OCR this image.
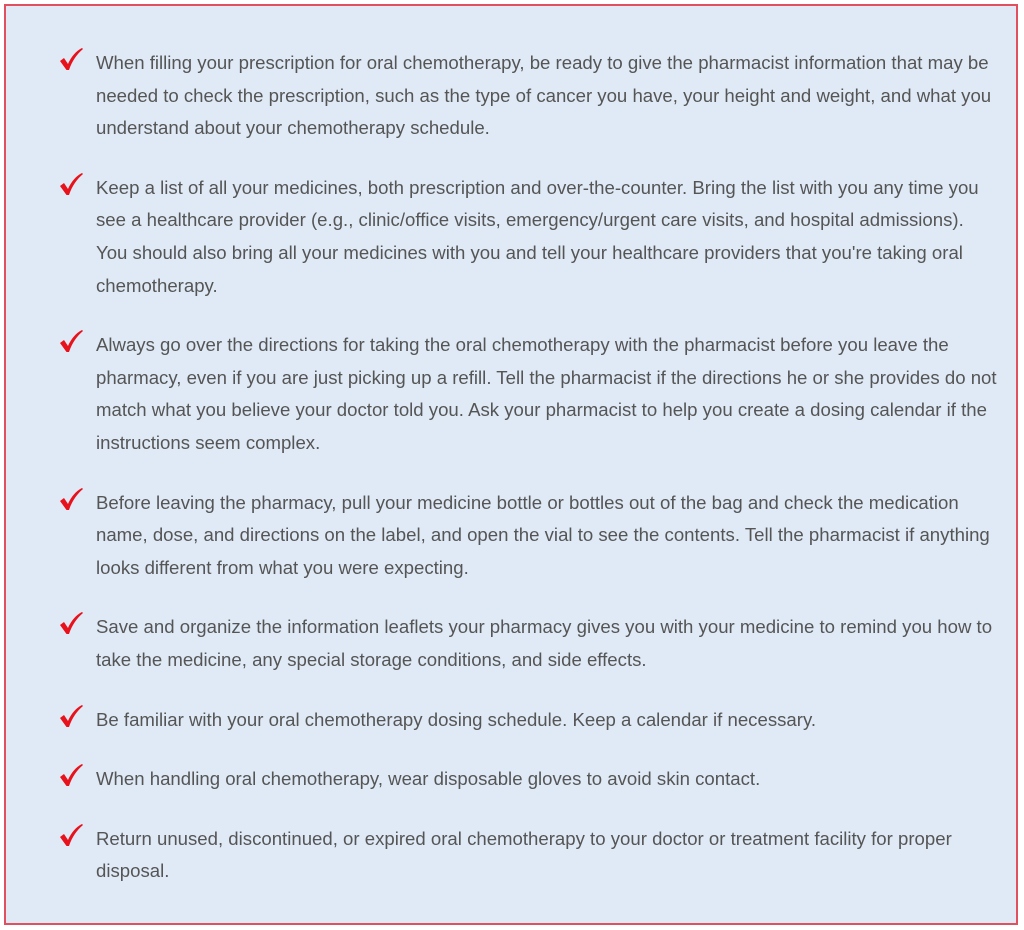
When filling your prescription for oral chemotherapy, be ready to give the pharmacist information that may be needed to check the prescription, such as the type of cancer you have, your height and weight, and what you understand about your chemotherapy schedule.
Keep a list of all your medicines, both prescription and over-the-counter. Bring the list with you any time you see a healthcare provider (e.g., clinic/office visits, emergency/urgent care visits, and hospital admissions). You should also bring all your medicines with you and tell your healthcare providers that you're taking oral chemotherapy.
Always go over the directions for taking the oral chemotherapy with the pharmacist before you leave the pharmacy, even if you are just picking up a refill. Tell the pharmacist if the directions he or she provides do not match what you believe your doctor told you. Ask your pharmacist to help you create a dosing calendar if the instructions seem complex.
Before leaving the pharmacy, pull your medicine bottle or bottles out of the bag and check the medication name, dose, and directions on the label, and open the vial to see the contents. Tell the pharmacist if anything looks different from what you were expecting.
Save and organize the information leaflets your pharmacy gives you with your medicine to remind you how to take the medicine, any special storage conditions, and side effects.
Be familiar with your oral chemotherapy dosing schedule. Keep a calendar if necessary.
When handling oral chemotherapy, wear disposable gloves to avoid skin contact.
Return unused, discontinued, or expired oral chemotherapy to your doctor or treatment facility for proper disposal.
